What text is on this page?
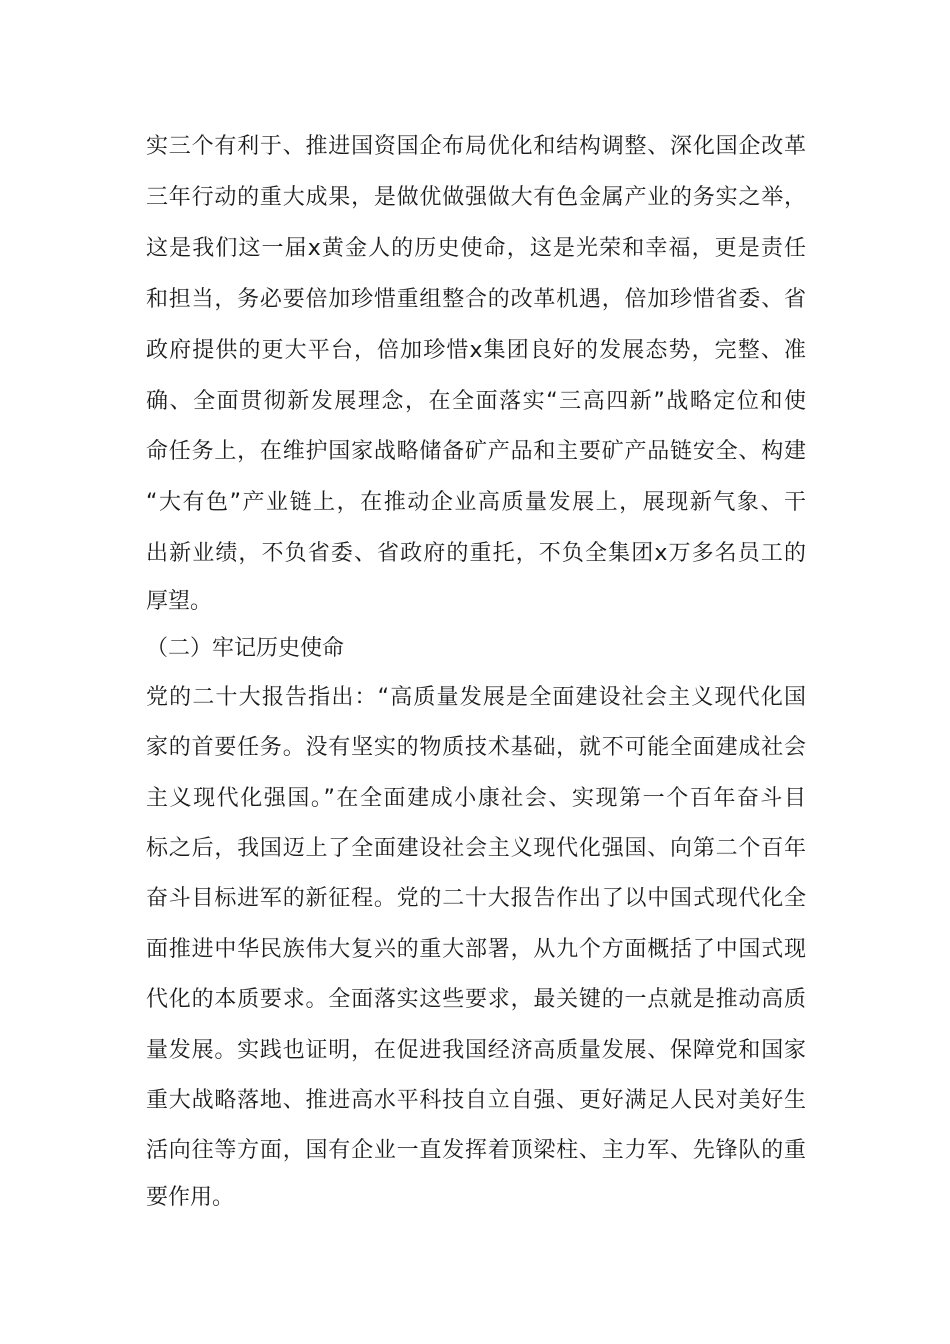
实三个有利于、推进国资国企布局优化和结构调整、深化国企改革
三年行动的重大成果，是做优做强做大有色金属产业的务实之举，
这是我们这一届x黄金人的历史使命，这是光荣和幸福，更是责任
和担当，务必要倍加珍惜重组整合的改革机遇，倍加珍惜省委、省
政府提供的更大平台，倍加珍惜x集团良好的发展态势，完整、准
确、全面贯彻新发展理念，在全面落实“三高四新”战略定位和使
命任务上，在维护国家战略储备矿产品和主要矿产品链安全、构建
“大有色”产业链上，在推动企业高质量发展上，展现新气象、干
出新业绩，不负省委、省政府的重托，不负全集团x万多名员工的
厚望。
（二）牢记历史使命
党的二十大报告指出：“高质量发展是全面建设社会主义现代化国
家的首要任务。没有坚实的物质技术基础，就不可能全面建成社会
主义现代化强国。”在全面建成小康社会、实现第一个百年奋斗目
标之后，我国迈上了全面建设社会主义现代化强国、向第二个百年
奋斗目标进军的新征程。党的二十大报告作出了以中国式现代化全
面推进中华民族伟大复兴的重大部署，从九个方面概括了中国式现
代化的本质要求。全面落实这些要求，最关键的一点就是推动高质
量发展。实践也证明，在促进我国经济高质量发展、保障党和国家
重大战略落地、推进高水平科技自立自强、更好满足人民对美好生
活向往等方面，国有企业一直发挥着顶梁柱、主力军、先锋队的重
要作用。
